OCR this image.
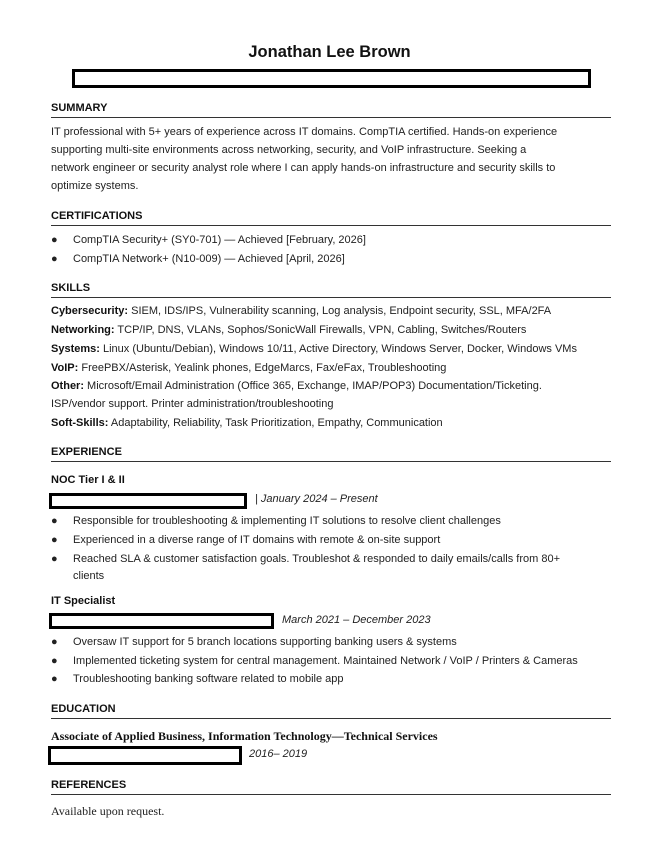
Jonathan Lee Brown
SUMMARY
IT professional with 5+ years of experience across IT domains. CompTIA certified. Hands-on experience
supporting multi-site environments across networking, security, and VoIP infrastructure. Seeking a
network engineer or security analyst role where I can apply hands-on infrastructure and security skills to
optimize systems.
CERTIFICATIONS
● CompTIA Security+ (SY0-701) — Achieved [February, 2026]
● CompTIA Network+ (N10-009) — Achieved [April, 2026]
SKILLS
Cybersecurity: SIEM, IDS/IPS, Vulnerability scanning, Log analysis, Endpoint security, SSL, MFA/2FA
Networking: TCP/IP, DNS, VLANs, Sophos/SonicWall Firewalls, VPN, Cabling, Switches/Routers
Systems: Linux (Ubuntu/Debian), Windows 10/11, Active Directory, Windows Server, Docker, Windows VMs
VoIP: FreePBX/Asterisk, Yealink phones, EdgeMarcs, Fax/eFax, Troubleshooting
Other: Microsoft/Email Administration (Office 365, Exchange, IMAP/POP3) Documentation/Ticketing.
ISP/vendor support. Printer administration/troubleshooting
Soft-Skills: Adaptability, Reliability, Task Prioritization, Empathy, Communication
EXPERIENCE
NOC Tier I & II
| January 2024 – Present
● Responsible for troubleshooting & implementing IT solutions to resolve client challenges
● Experienced in a diverse range of IT domains with remote & on-site support
● Reached SLA & customer satisfaction goals. Troubleshot & responded to daily emails/calls from 80+
clients
IT Specialist
March 2021 – December 2023
● Oversaw IT support for 5 branch locations supporting banking users & systems
● Implemented ticketing system for central management. Maintained Network / VoIP / Printers & Cameras
● Troubleshooting banking software related to mobile app
EDUCATION
Associate of Applied Business, Information Technology—Technical Services
2016– 2019
REFERENCES
Available upon request.
